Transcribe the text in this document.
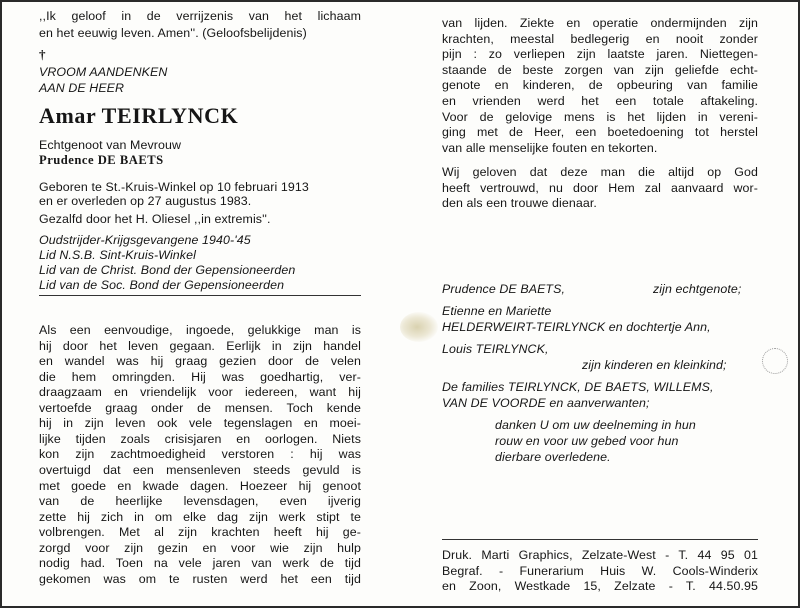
,,Ik geloof in de verrijzenis van het lichaam
en het eeuwig leven. Amen''. (Geloofsbelijdenis)
†
VROOM AANDENKEN
AAN DE HEER
Amar TEIRLYNCK
Echtgenoot van Mevrouw
Prudence DE BAETS
Geboren te St.-Kruis-Winkel op 10 februari 1913
en er overleden op 27 augustus 1983.
Gezalfd door het H. Oliesel ,,in extremis''.
Oudstrijder-Krijgsgevangene 1940-'45
Lid N.S.B. Sint-Kruis-Winkel
Lid van de Christ. Bond der Gepensioneerden
Lid van de Soc. Bond der Gepensioneerden
Als een eenvoudige, ingoede, gelukkige man is
hij door het leven gegaan. Eerlijk in zijn handel
en wandel was hij graag gezien door de velen
die hem omringden. Hij was goedhartig, ver-
draagzaam en vriendelijk voor iedereen, want hij
vertoefde graag onder de mensen. Toch kende
hij in zijn leven ook vele tegenslagen en moei-
lijke tijden zoals crisisjaren en oorlogen. Niets
kon zijn zachtmoedigheid verstoren : hij was
overtuigd dat een mensenleven steeds gevuld is
met goede en kwade dagen. Hoezeer hij genoot
van de heerlijke levensdagen, even ijverig
zette hij zich in om elke dag zijn werk stipt te
volbrengen. Met al zijn krachten heeft hij ge-
zorgd voor zijn gezin en voor wie zijn hulp
nodig had. Toen na vele jaren van werk de tijd
gekomen was om te rusten werd het een tijd
van lijden. Ziekte en operatie ondermijnden zijn
krachten, meestal bedlegerig en nooit zonder
pijn : zo verliepen zijn laatste jaren. Niettegen-
staande de beste zorgen van zijn geliefde echt-
genote en kinderen, de opbeuring van familie
en vrienden werd het een totale aftakeling.
Voor de gelovige mens is het lijden in vereni-
ging met de Heer, een boetedoening tot herstel
van alle menselijke fouten en tekorten.
Wij geloven dat deze man die altijd op God
heeft vertrouwd, nu door Hem zal aanvaard wor-
den als een trouwe dienaar.
Prudence DE BAETS,	zijn echtgenote;
Etienne en Mariette
HELDERWEIRT-TEIRLYNCK en dochtertje Ann,
Louis TEIRLYNCK,
zijn kinderen en kleinkind;
De families TEIRLYNCK, DE BAETS, WILLEMS,
VAN DE VOORDE en aanverwanten;
danken U om uw deelneming in hun
rouw en voor uw gebed voor hun
dierbare overledene.
Druk. Marti Graphics, Zelzate-West - T. 44 95 01
Begraf. - Funerarium Huis W. Cools-Winderix
en Zoon, Westkade 15, Zelzate - T. 44.50.95
